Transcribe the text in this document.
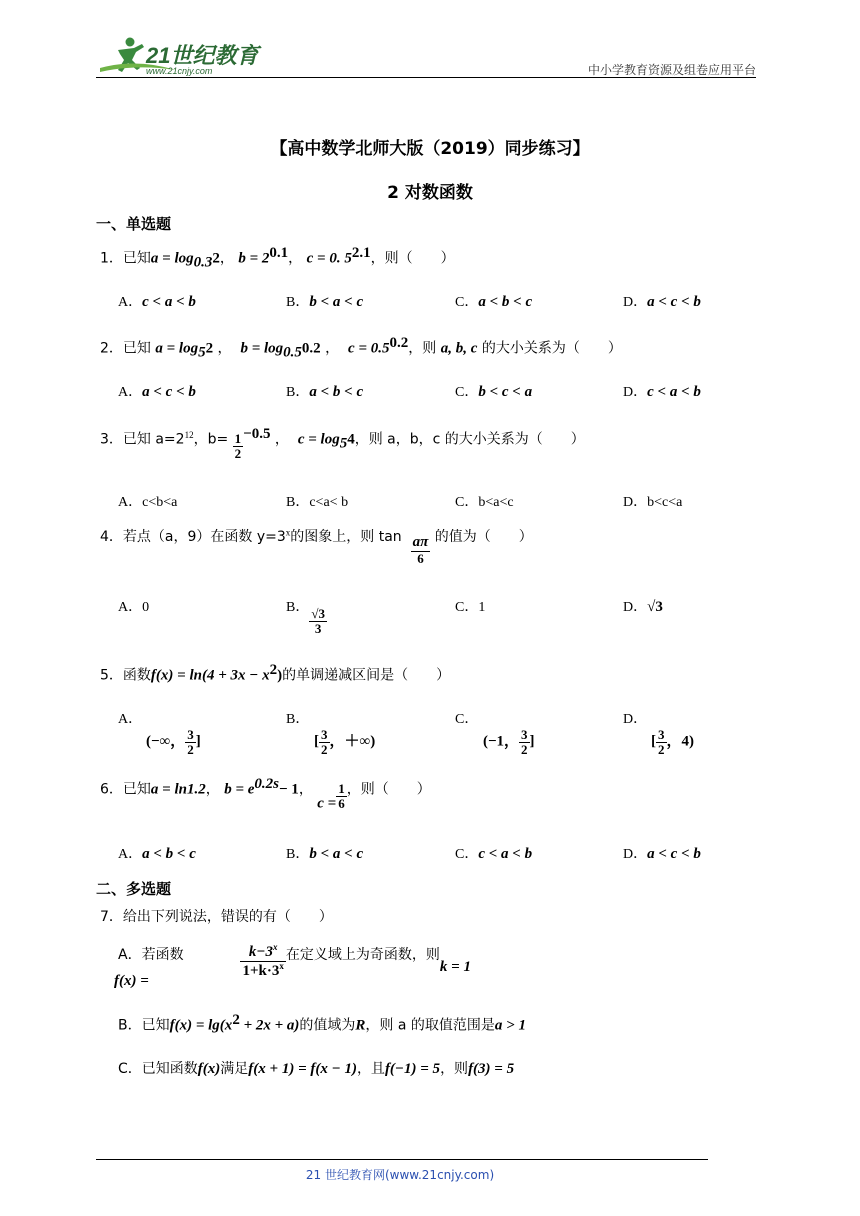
21世纪教育
www.21cnjy.com	中小学教育资源及组卷应用平台
【高中数学北师大版（2019）同步练习】
2 对数函数
一、单选题
1．已知$a = \log_{0.3}2$， $b = 2^{0.1}$， c = 0. $5^{2.1}$，则（　　）
A．c < a < b	B．b < a < c	C．a < b < c	D．a < c < b
2．已知 $a = \log_52$ ，  $b = \log_{0.5}0.2$ ，  $c = 0.5^{0.2}$，则 a, b, c 的大小关系为（　　）
A．a < c < b	B．a < b < c	C．b < c < a	D．c < a < b
3．已知 $a=2^{12}$，$b= \frac{1}{2} ^{-0.5}$ ，  $c = \log_54$，则 a，b，c 的大小关系为（　　）
A．c<b<a	B．c<a< b	C．b<a<c	D．b<c<a
4．若点（a，9）在函数 $y=3^x$的图象上，则 $\tan \frac{a\pi}{6}$ 的值为（　　）
A．0	B． $\frac{√3}{3}$	C．1	D．√3
5．函数$f(x) = \ln(4 + 3x - x^2)$的单调递减区间是（　　）
A．
(−∞， $\frac{3}{2}$ ]
B．
[ $\frac{3}{2}$ ，＋∞)
C．
(−1， $\frac{3}{2}$ ]
D．
[ $\frac{3}{2}$ ，4)
6．已知a = ln1.2， $b = e^{0.2s}- 1$， $c = \frac{1}{6}$ ，则（　　）
A．a < b < c	B．b < a < c	C．c < a < b	D．a < c < b
二、多选题
7．给出下列说法，错误的有（　　）
A．若函数
f(x) =

$\frac{k-3^x}{1+k\cdot 3^x}$ 在定义域上为奇函数，则k = 1
B．已知$f(x) = \lg(x^2 + 2x + a)$的值域为R，则 a 的取值范围是a > 1
C．已知函数f(x)满足f(x + 1) = f(x − 1)，且f(−1) = 5，则f(3) = 5
21 世纪教育网(www.21cnjy.com)
